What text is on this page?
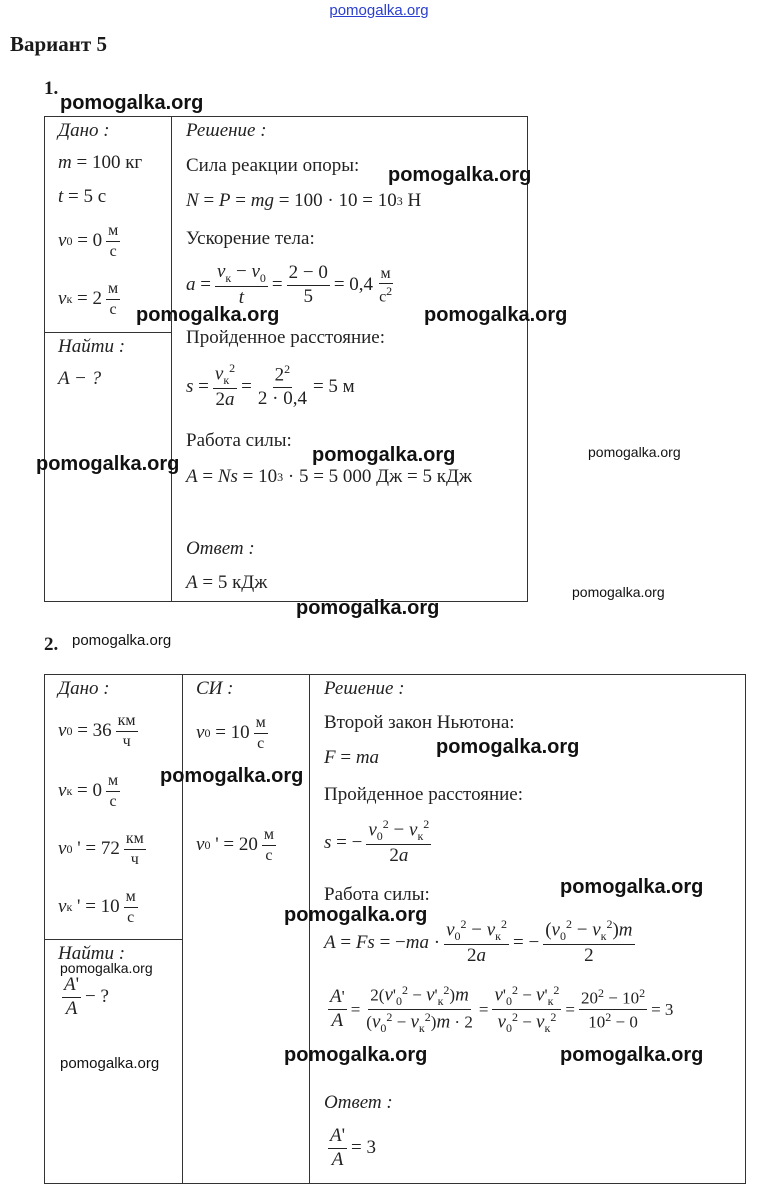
pomogalka.org
Вариант 5
1.
Дано :
m = 100 кг
t = 5 с
v $0 = 0 \frac{м}{с}$
v $к = 2 \frac{м}{с}$
Найти :
A − ?
Решение :
Сила реакции опоры:
N = P = mg = 100 · 10 = 10 3 Н
Ускорение тела:
$a = \frac{v_к - v_0}{t} = \frac{2 - 0}{5} = 0,4 \frac{м}{с^2}$
Пройденное расстояние:
$s = \frac{v_к^2}{2a} = \frac{2^2}{2 \cdot 0,4} = 5$ м
Работа силы:
A = Ns = 10 3 · 5 = 5 000 Дж = 5 кДж
Ответ :
A = 5 кДж
2.
Дано :
v $0 = 36 \frac{км}{ч}$
v $к = 0 \frac{м}{с}$
v 0 ' = $72 \frac{км}{ч}$
v к ' = $10 \frac{м}{с}$
Найти :
$\frac{A'}{A}$ − ?
СИ :
v $0 = 10 \frac{м}{с}$
v 0 ' = $20 \frac{м}{с}$
Решение :
Второй закон Ньютона:
F = ma
Пройденное расстояние:
s = − $\frac{v_0^2 - v_к^2}{2a}$
Работа силы:
A = Fs = − ma · $\frac{v_0^2 - v_к^2}{2a}$ = − $\frac{(v_0^2 - v_к^2)m}{2}$
$\frac{A'}{A} = \frac{2(v'_0^2 - v'_к^2)m}{(v_0^2 - v_к^2)m \cdot 2} = \frac{v'_0^2 - v'_к^2}{v_0^2 - v_к^2} = \frac{20^2 - 10^2}{10^2 - 0} = 3$
Ответ :
$\frac{A'}{A} = 3$
pomogalka.org
pomogalka.org
pomogalka.org	pomogalka.org
pomogalka.org	pomogalka.org	pomogalka.org
pomogalka.org
pomogalka.org
pomogalka.org
pomogalka.org
pomogalka.org
pomogalka.org
pomogalka.org
pomogalka.org
pomogalka.org	pomogalka.org
pomogalka.org
